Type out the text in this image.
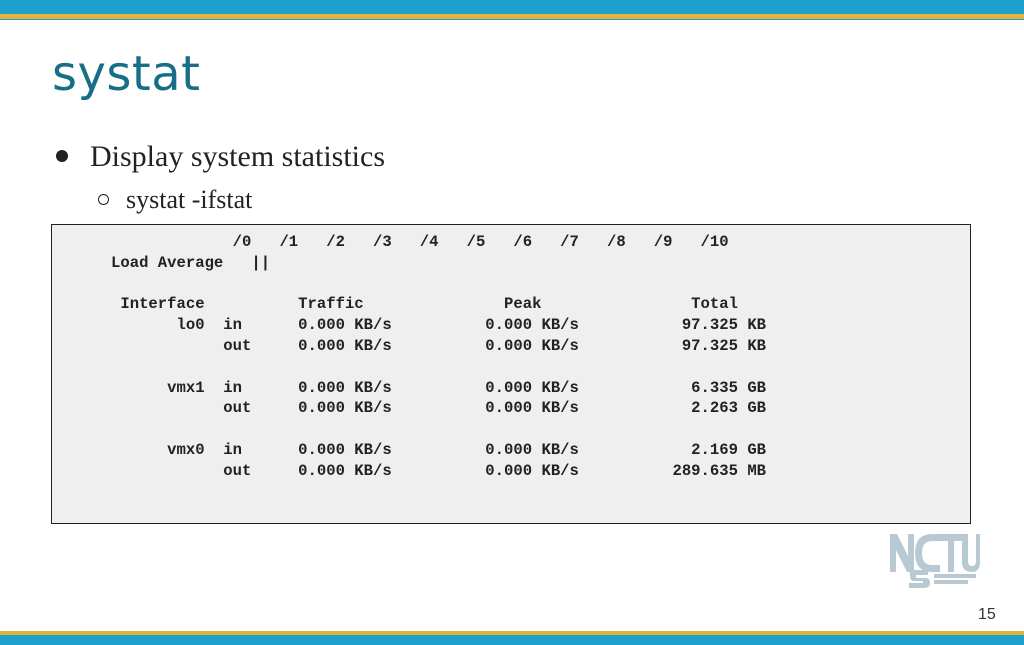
systat
Display system statistics
systat -ifstat
/0   /1   /2   /3   /4   /5   /6   /7   /8   /9   /10
Load Average   ||

Interface          Traffic               Peak                Total
lo0  in      0.000 KB/s          0.000 KB/s           97.325 KB
out     0.000 KB/s          0.000 KB/s           97.325 KB

vmx1  in      0.000 KB/s          0.000 KB/s            6.335 GB
out     0.000 KB/s          0.000 KB/s            2.263 GB

vmx0  in      0.000 KB/s          0.000 KB/s            2.169 GB
out     0.000 KB/s          0.000 KB/s          289.635 MB

15
